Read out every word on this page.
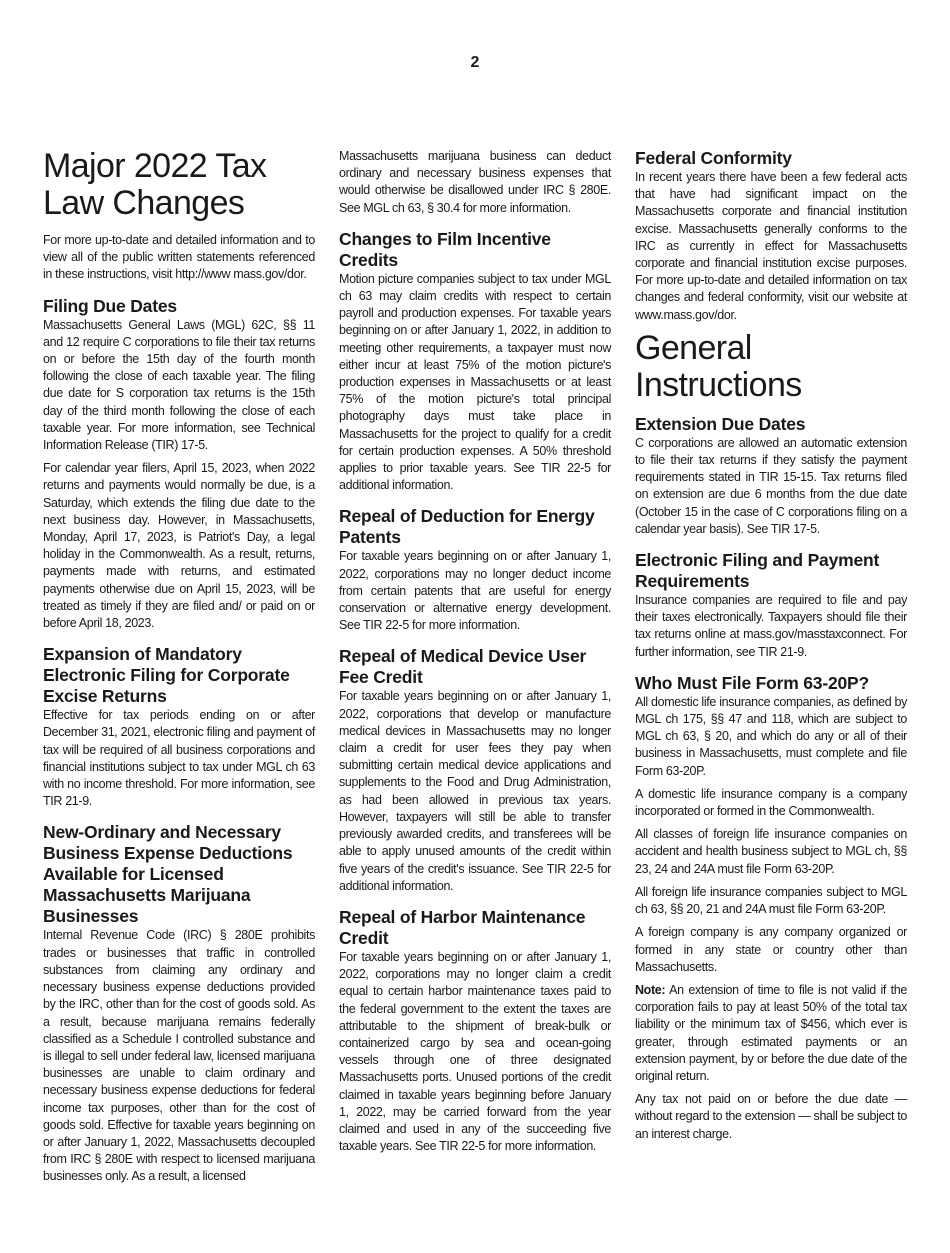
2
Major 2022 Tax Law Changes

For more up-to-date and detailed information and to view all of the public written statements referenced in these instructions, visit http://www mass.gov/dor.

Filing Due Dates

Massachusetts General Laws (MGL) 62C, §§ 11 and 12 require C corporations to file their tax returns on or before the 15th day of the fourth month following the close of each taxable year. The filing due date for S corporation tax returns is the 15th day of the third month following the close of each taxable year. For more information, see Technical Information Release (TIR) 17-5.

For calendar year filers, April 15, 2023, when 2022 returns and payments would normally be due, is a Saturday, which extends the filing due date to the next business day. However, in Massachusetts, Monday, April 17, 2023, is Patriot's Day, a legal holiday in the Commonwealth. As a result, returns, payments made with returns, and estimated payments otherwise due on April 15, 2023, will be treated as timely if they are filed and/ or paid on or before April 18, 2023.

Expansion of Mandatory Electronic Filing for Corporate Excise Returns

Effective for tax periods ending on or after December 31, 2021, electronic filing and payment of tax will be required of all business corporations and financial institutions subject to tax under MGL ch 63 with no income threshold. For more information, see TIR 21-9.

New-Ordinary and Necessary Business Expense Deductions Available for Licensed Massachusetts Marijuana Businesses

Internal Revenue Code (IRC) § 280E prohibits trades or businesses that traffic in controlled substances from claiming any ordinary and necessary business expense deductions provided by the IRC, other than for the cost of goods sold. As a result, because marijuana remains federally classified as a Schedule I controlled substance and is illegal to sell under federal law, licensed marijuana businesses are unable to claim ordinary and necessary business expense deductions for federal income tax purposes, other than for the cost of goods sold. Effective for taxable years beginning on or after January 1, 2022, Massachusetts decoupled from IRC § 280E with respect to licensed marijuana businesses only. As a result, a licensed

Massachusetts marijuana business can deduct ordinary and necessary business expenses that would otherwise be disallowed under IRC § 280E. See MGL ch 63, § 30.4 for more information.

Changes to Film Incentive Credits

Motion picture companies subject to tax under MGL ch 63 may claim credits with respect to certain payroll and production expenses. For taxable years beginning on or after January 1, 2022, in addition to meeting other requirements, a taxpayer must now either incur at least 75% of the motion picture's production expenses in Massachusetts or at least 75% of the motion picture's total principal photography days must take place in Massachusetts for the project to qualify for a credit for certain production expenses. A 50% threshold applies to prior taxable years. See TIR 22-5 for additional information.

Repeal of Deduction for Energy Patents

For taxable years beginning on or after January 1, 2022, corporations may no longer deduct income from certain patents that are useful for energy conservation or alternative energy development. See TIR 22-5 for more information.

Repeal of Medical Device User Fee Credit

For taxable years beginning on or after January 1, 2022, corporations that develop or manufacture medical devices in Massachusetts may no longer claim a credit for user fees they pay when submitting certain medical device applications and supplements to the Food and Drug Administration, as had been allowed in previous tax years. However, taxpayers will still be able to transfer previously awarded credits, and transferees will be able to apply unused amounts of the credit within five years of the credit's issuance. See TIR 22-5 for additional information.

Repeal of Harbor Maintenance Credit

For taxable years beginning on or after January 1, 2022, corporations may no longer claim a credit equal to certain harbor maintenance taxes paid to the federal government to the extent the taxes are attributable to the shipment of break-bulk or containerized cargo by sea and ocean-going vessels through one of three designated Massachusetts ports. Unused portions of the credit claimed in taxable years beginning before January 1, 2022, may be carried forward from the year claimed and used in any of the succeeding five taxable years. See TIR 22-5 for more information.

Federal Conformity

In recent years there have been a few federal acts that have had significant impact on the Massachusetts corporate and financial institution excise. Massachusetts generally conforms to the IRC as currently in effect for Massachusetts corporate and financial institution excise purposes. For more up-to-date and detailed information on tax changes and federal conformity, visit our website at www.mass.gov/dor.

General Instructions
Extension Due Dates

C corporations are allowed an automatic extension to file their tax returns if they satisfy the payment requirements stated in TIR 15-15. Tax returns filed on extension are due 6 months from the due date (October 15 in the case of C corporations filing on a calendar year basis). See TIR 17-5.

Electronic Filing and Payment Requirements

Insurance companies are required to file and pay their taxes electronically. Taxpayers should file their tax returns online at mass.gov/masstaxconnect. For further information, see TIR 21-9.

Who Must File Form 63-20P?

All domestic life insurance companies, as defined by MGL ch 175, §§ 47 and 118, which are subject to MGL ch 63, § 20, and which do any or all of their business in Massachusetts, must complete and file Form 63-20P.

A domestic life insurance company is a company incorporated or formed in the Commonwealth.

All classes of foreign life insurance companies on accident and health business subject to MGL ch, §§ 23, 24 and 24A must file Form 63-20P.

All foreign life insurance companies subject to MGL ch 63, §§ 20, 21 and 24A must file Form 63-20P.

A foreign company is any company organized or formed in any state or country other than Massachusetts.

Note: An extension of time to file is not valid if the corporation fails to pay at least 50% of the total tax liability or the minimum tax of $456, which ever is greater, through estimated payments or an extension payment, by or before the due date of the original return.

Any tax not paid on or before the due date — without regard to the extension — shall be subject to an interest charge.
